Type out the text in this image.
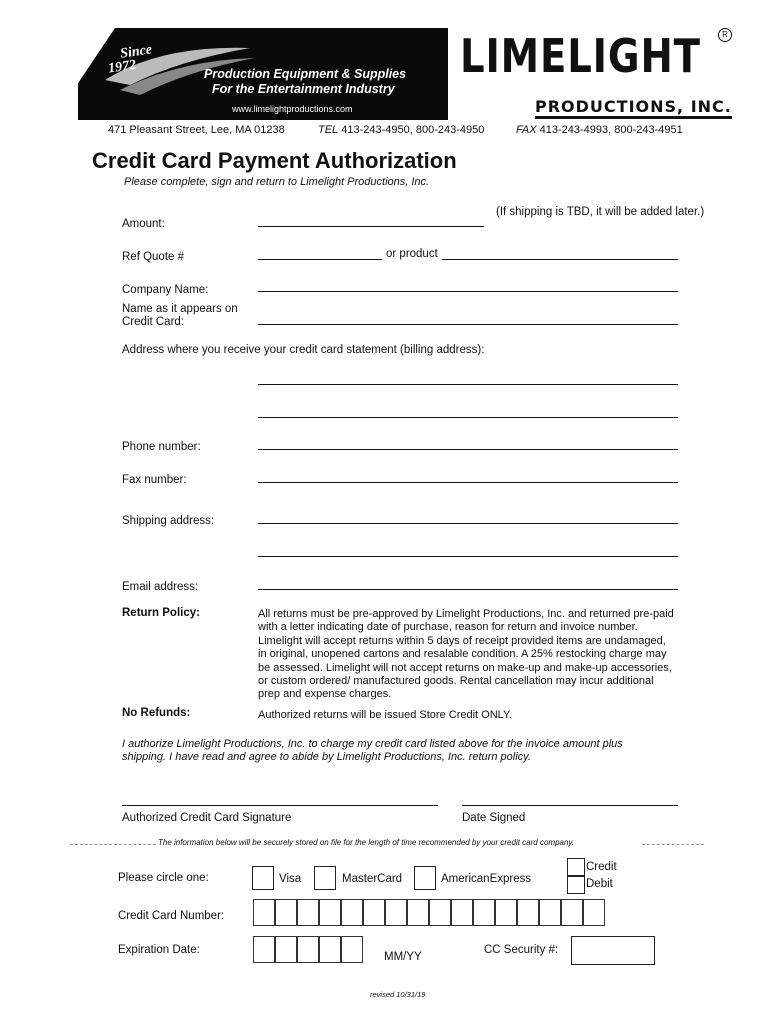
Since
1972	Production Equipment & Supplies
For the Entertainment Industry
www.limelightproductions.com
LIMELIGHT
PRODUCTIONS, INC.
R
471 Pleasant Street, Lee, MA 01238	TEL 413-243-4950, 800-243-4950	FAX 413-243-4993, 800-243-4951
Credit Card Payment Authorization
Please complete, sign and return to Limelight Productions, Inc.
(If shipping is TBD, it will be added later.)
Amount:
Ref Quote #	or product
Company Name:
Name as it appears on
Credit Card:
Address where you receive your credit card statement (billing address):
Phone number:
Fax number:
Shipping address:
Email address:
Return Policy:	All returns must be pre-approved by Limelight Productions, Inc. and returned pre-paid
with a letter indicating date of purchase, reason for return and invoice number.
Limelight will accept returns within 5 days of receipt provided items are undamaged,
in original, unopened cartons and resalable condition. A 25% restocking charge may
be assessed. Limelight will not accept returns on make-up and make-up accessories,
or custom ordered/ manufactured goods. Rental cancellation may incur additional
prep and expense charges.
No Refunds:	Authorized returns will be issued Store Credit ONLY.
I authorize Limelight Productions, Inc. to charge my credit card listed above for the invoice amount plus
shipping. I have read and agree to abide by Limelight Productions, Inc. return policy.
Authorized Credit Card Signature	Date Signed
The information below will be securely stored on file for the length of time recommended by your credit card company.
Please circle one:	Visa	MasterCard	AmericanExpress
Credit
Debit
Credit Card Number:
Expiration Date:
MM/YY
CC Security #:
revised 10/31/19
